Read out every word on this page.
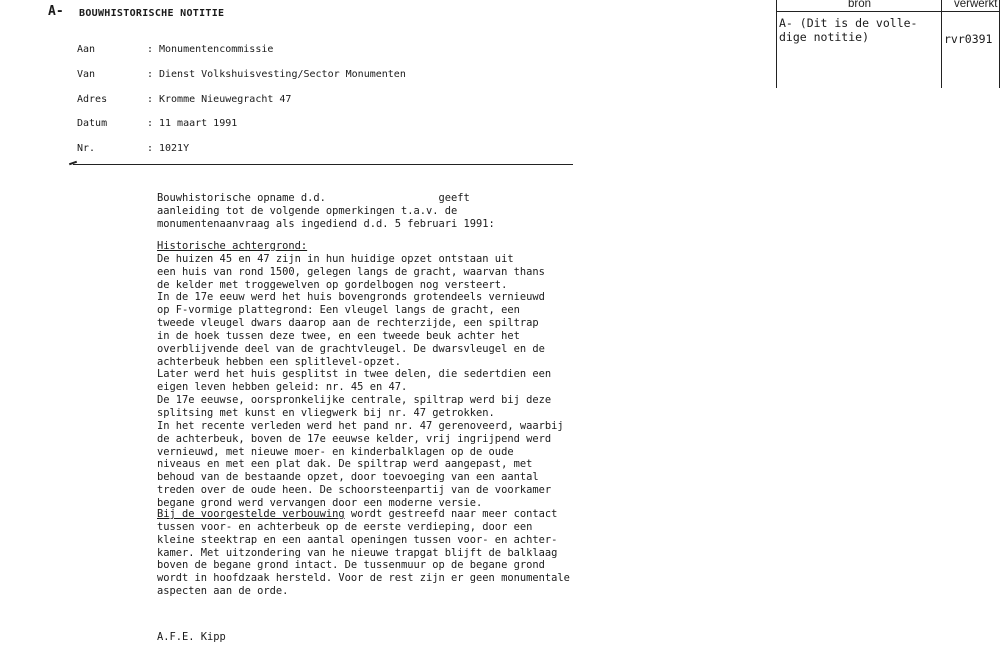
A- BOUWHISTORISCHE NOTITIE
Aan	: Monumentencommissie
Van	: Dienst Volkshuisvesting/Sector Monumenten
Adres	: Kromme Nieuwegracht 47
Datum	: 11 maart 1991
Nr.	: 1021Y
Bouwhistorische opname d.d.                  geeft
aanleiding tot de volgende opmerkingen t.a.v. de
monumentenaanvraag als ingediend d.d. 5 februari 1991:
Historische achtergrond:
De huizen 45 en 47 zijn in hun huidige opzet ontstaan uit
een huis van rond 1500, gelegen langs de gracht, waarvan thans
de kelder met troggewelven op gordelbogen nog versteert.
In de 17e eeuw werd het huis bovengronds grotendeels vernieuwd
op F-vormige plattegrond: Een vleugel langs de gracht, een
tweede vleugel dwars daarop aan de rechterzijde, een spiltrap
in de hoek tussen deze twee, en een tweede beuk achter het
overblijvende deel van de grachtvleugel. De dwarsvleugel en de
achterbeuk hebben een splitlevel-opzet.
Later werd het huis gesplitst in twee delen, die sedertdien een
eigen leven hebben geleid: nr. 45 en 47.
De 17e eeuwse, oorspronkelijke centrale, spiltrap werd bij deze
splitsing met kunst en vliegwerk bij nr. 47 getrokken.
In het recente verleden werd het pand nr. 47 gerenoveerd, waarbij
de achterbeuk, boven de 17e eeuwse kelder, vrij ingrijpend werd
vernieuwd, met nieuwe moer- en kinderbalklagen op de oude
niveaus en met een plat dak. De spiltrap werd aangepast, met
behoud van de bestaande opzet, door toevoeging van een aantal
treden over de oude heen. De schoorsteenpartij van de voorkamer
begane grond werd vervangen door een moderne versie.
Bij de voorgestelde verbouwing wordt gestreefd naar meer contact
tussen voor- en achterbeuk op de eerste verdieping, door een
kleine steektrap en een aantal openingen tussen voor- en achter-
kamer. Met uitzondering van he nieuwe trapgat blijft de balklaag
boven de begane grond intact. De tussenmuur op de begane grond
wordt in hoofdzaak hersteld. Voor de rest zijn er geen monumentale
aspecten aan de orde.
A.F.E. Kipp
bron	verwerkt
A- (Dit is de volle-
dige notitie)	rvr0391
